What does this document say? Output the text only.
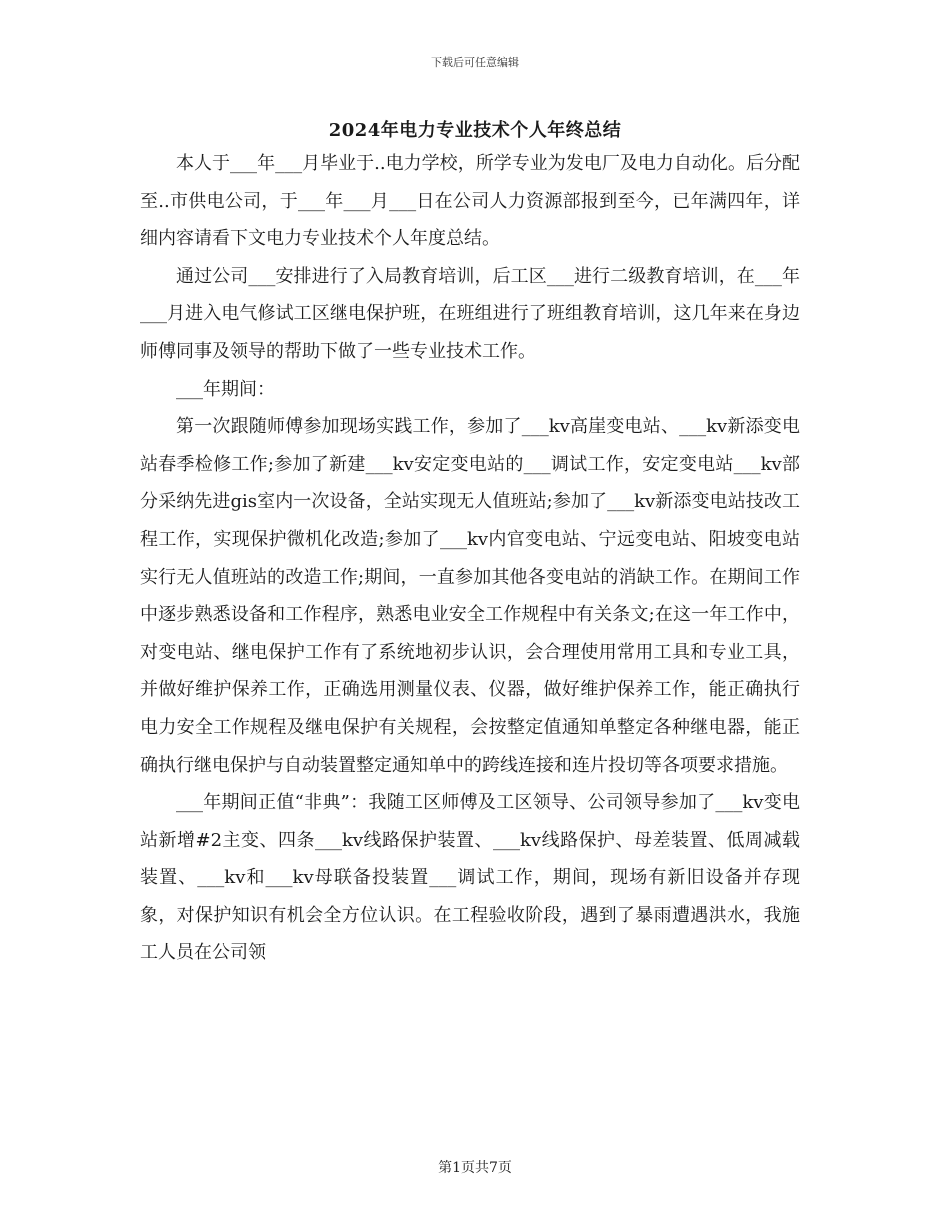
下载后可任意编辑
2024年电力专业技术个人年终总结

本人于___年___月毕业于..电力学校，所学专业为发电厂及电力自动化。后分配至..市供电公司，于___年___月___日在公司人力资源部报到至今，已年满四年，详细内容请看下文电力专业技术个人年度总结。

通过公司___安排进行了入局教育培训，后工区___进行二级教育培训，在___年___月进入电气修试工区继电保护班，在班组进行了班组教育培训，这几年来在身边师傅同事及领导的帮助下做了一些专业技术工作。

___年期间：

第一次跟随师傅参加现场实践工作，参加了___kv高崖变电站、___kv新添变电站春季检修工作;参加了新建___kv安定变电站的___调试工作，安定变电站___kv部分采纳先进gis室内一次设备，全站实现无人值班站;参加了___kv新添变电站技改工程工作，实现保护微机化改造;参加了___kv内官变电站、宁远变电站、阳坡变电站实行无人值班站的改造工作;期间，一直参加其他各变电站的消缺工作。在期间工作中逐步熟悉设备和工作程序，熟悉电业安全工作规程中有关条文;在这一年工作中，对变电站、继电保护工作有了系统地初步认识，会合理使用常用工具和专业工具，并做好维护保养工作，正确选用测量仪表、仪器，做好维护保养工作，能正确执行电力安全工作规程及继电保护有关规程，会按整定值通知单整定各种继电器，能正确执行继电保护与自动装置整定通知单中的跨线连接和连片投切等各项要求措施。

___年期间正值“非典”：我随工区师傅及工区领导、公司领导参加了___kv变电站新增#2主变、四条___kv线路保护装置、___kv线路保护、母差装置、低周减载装置、___kv和___kv母联备投装置___调试工作，期间，现场有新旧设备并存现象，对保护知识有机会全方位认识。在工程验收阶段，遇到了暴雨遭遇洪水，我施工人员在公司领

第1页共7页
